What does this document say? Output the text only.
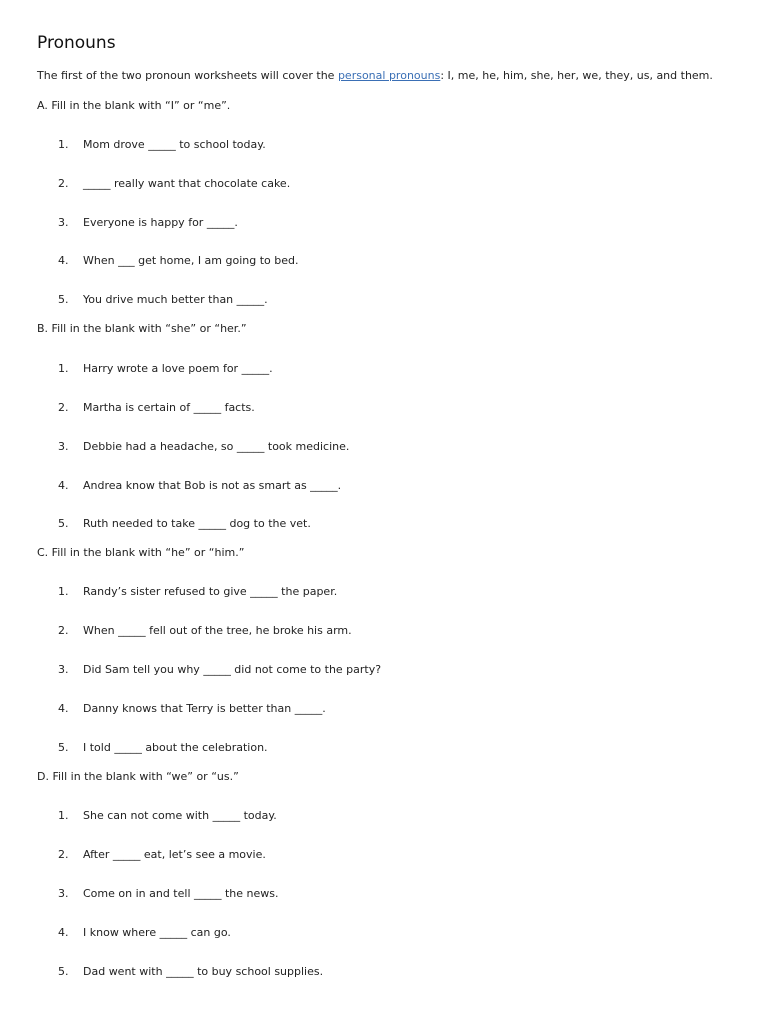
Pronouns
The first of the two pronoun worksheets will cover the personal pronouns: I, me, he, him, she, her, we, they, us, and them.
A. Fill in the blank with “I” or “me”.
1. Mom drove _____ to school today.
2. _____ really want that chocolate cake.
3. Everyone is happy for _____.
4. When ___ get home, I am going to bed.
5. You drive much better than _____.
B. Fill in the blank with “she” or “her.”
1. Harry wrote a love poem for _____.
2. Martha is certain of _____ facts.
3. Debbie had a headache, so _____ took medicine.
4. Andrea know that Bob is not as smart as _____.
5. Ruth needed to take _____ dog to the vet.
C. Fill in the blank with “he” or “him.”
1. Randy’s sister refused to give _____ the paper.
2. When _____ fell out of the tree, he broke his arm.
3. Did Sam tell you why _____ did not come to the party?
4. Danny knows that Terry is better than _____.
5. I told _____ about the celebration.
D. Fill in the blank with “we” or “us.”
1. She can not come with _____ today.
2. After _____ eat, let’s see a movie.
3. Come on in and tell _____ the news.
4. I know where _____ can go.
5. Dad went with _____ to buy school supplies.
